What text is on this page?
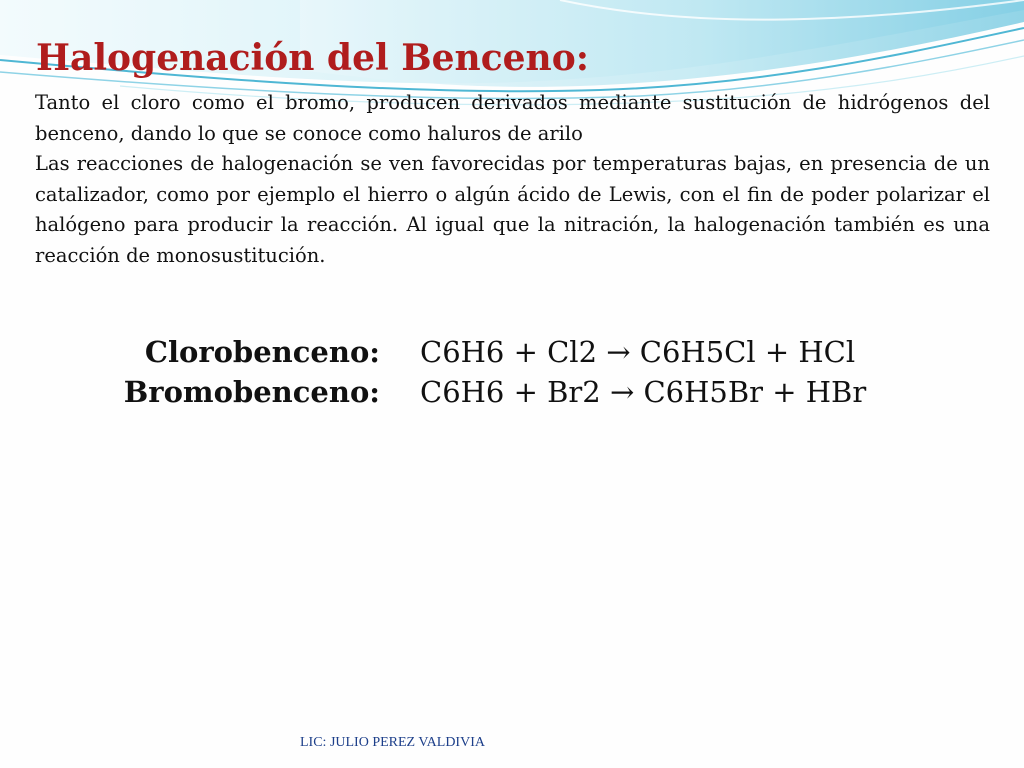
Halogenación del Benceno:

Tanto el cloro como el bromo, producen derivados mediante sustitución de hidrógenos del benceno, dando lo que se conoce como haluros de arilo

Las reacciones de halogenación se ven favorecidas por temperaturas bajas, en presencia de un catalizador, como por ejemplo el hierro o algún ácido de Lewis, con el fin de poder polarizar el halógeno para producir la reacción. Al igual que la nitración, la halogenación también es una reacción de monosustitución.

Clorobenceno:	C6H6 + Cl2 → C6H5Cl + HCl
Bromobenceno:	C6H6 + Br2 → C6H5Br + HBr
LIC: JULIO PEREZ VALDIVIA
